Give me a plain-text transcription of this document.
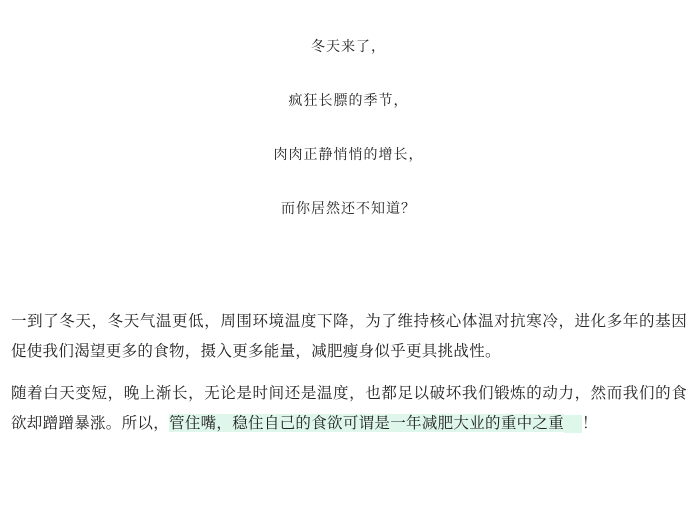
冬天来了，
疯狂长膘的季节，
肉肉正静悄悄的增长，
而你居然还不知道？

一到了冬天，冬天气温更低，周围环境温度下降，为了维持核心体温对抗寒冷，进化多年的基因促使我们渴望更多的食物，摄入更多能量，减肥瘦身似乎更具挑战性。

随着白天变短，晚上渐长，无论是时间还是温度，也都足以破坏我们锻炼的动力，然而我们的食欲却蹭蹭暴涨。所以，管住嘴，稳住自己的食欲可谓是一年减肥大业的重中之重 ！
